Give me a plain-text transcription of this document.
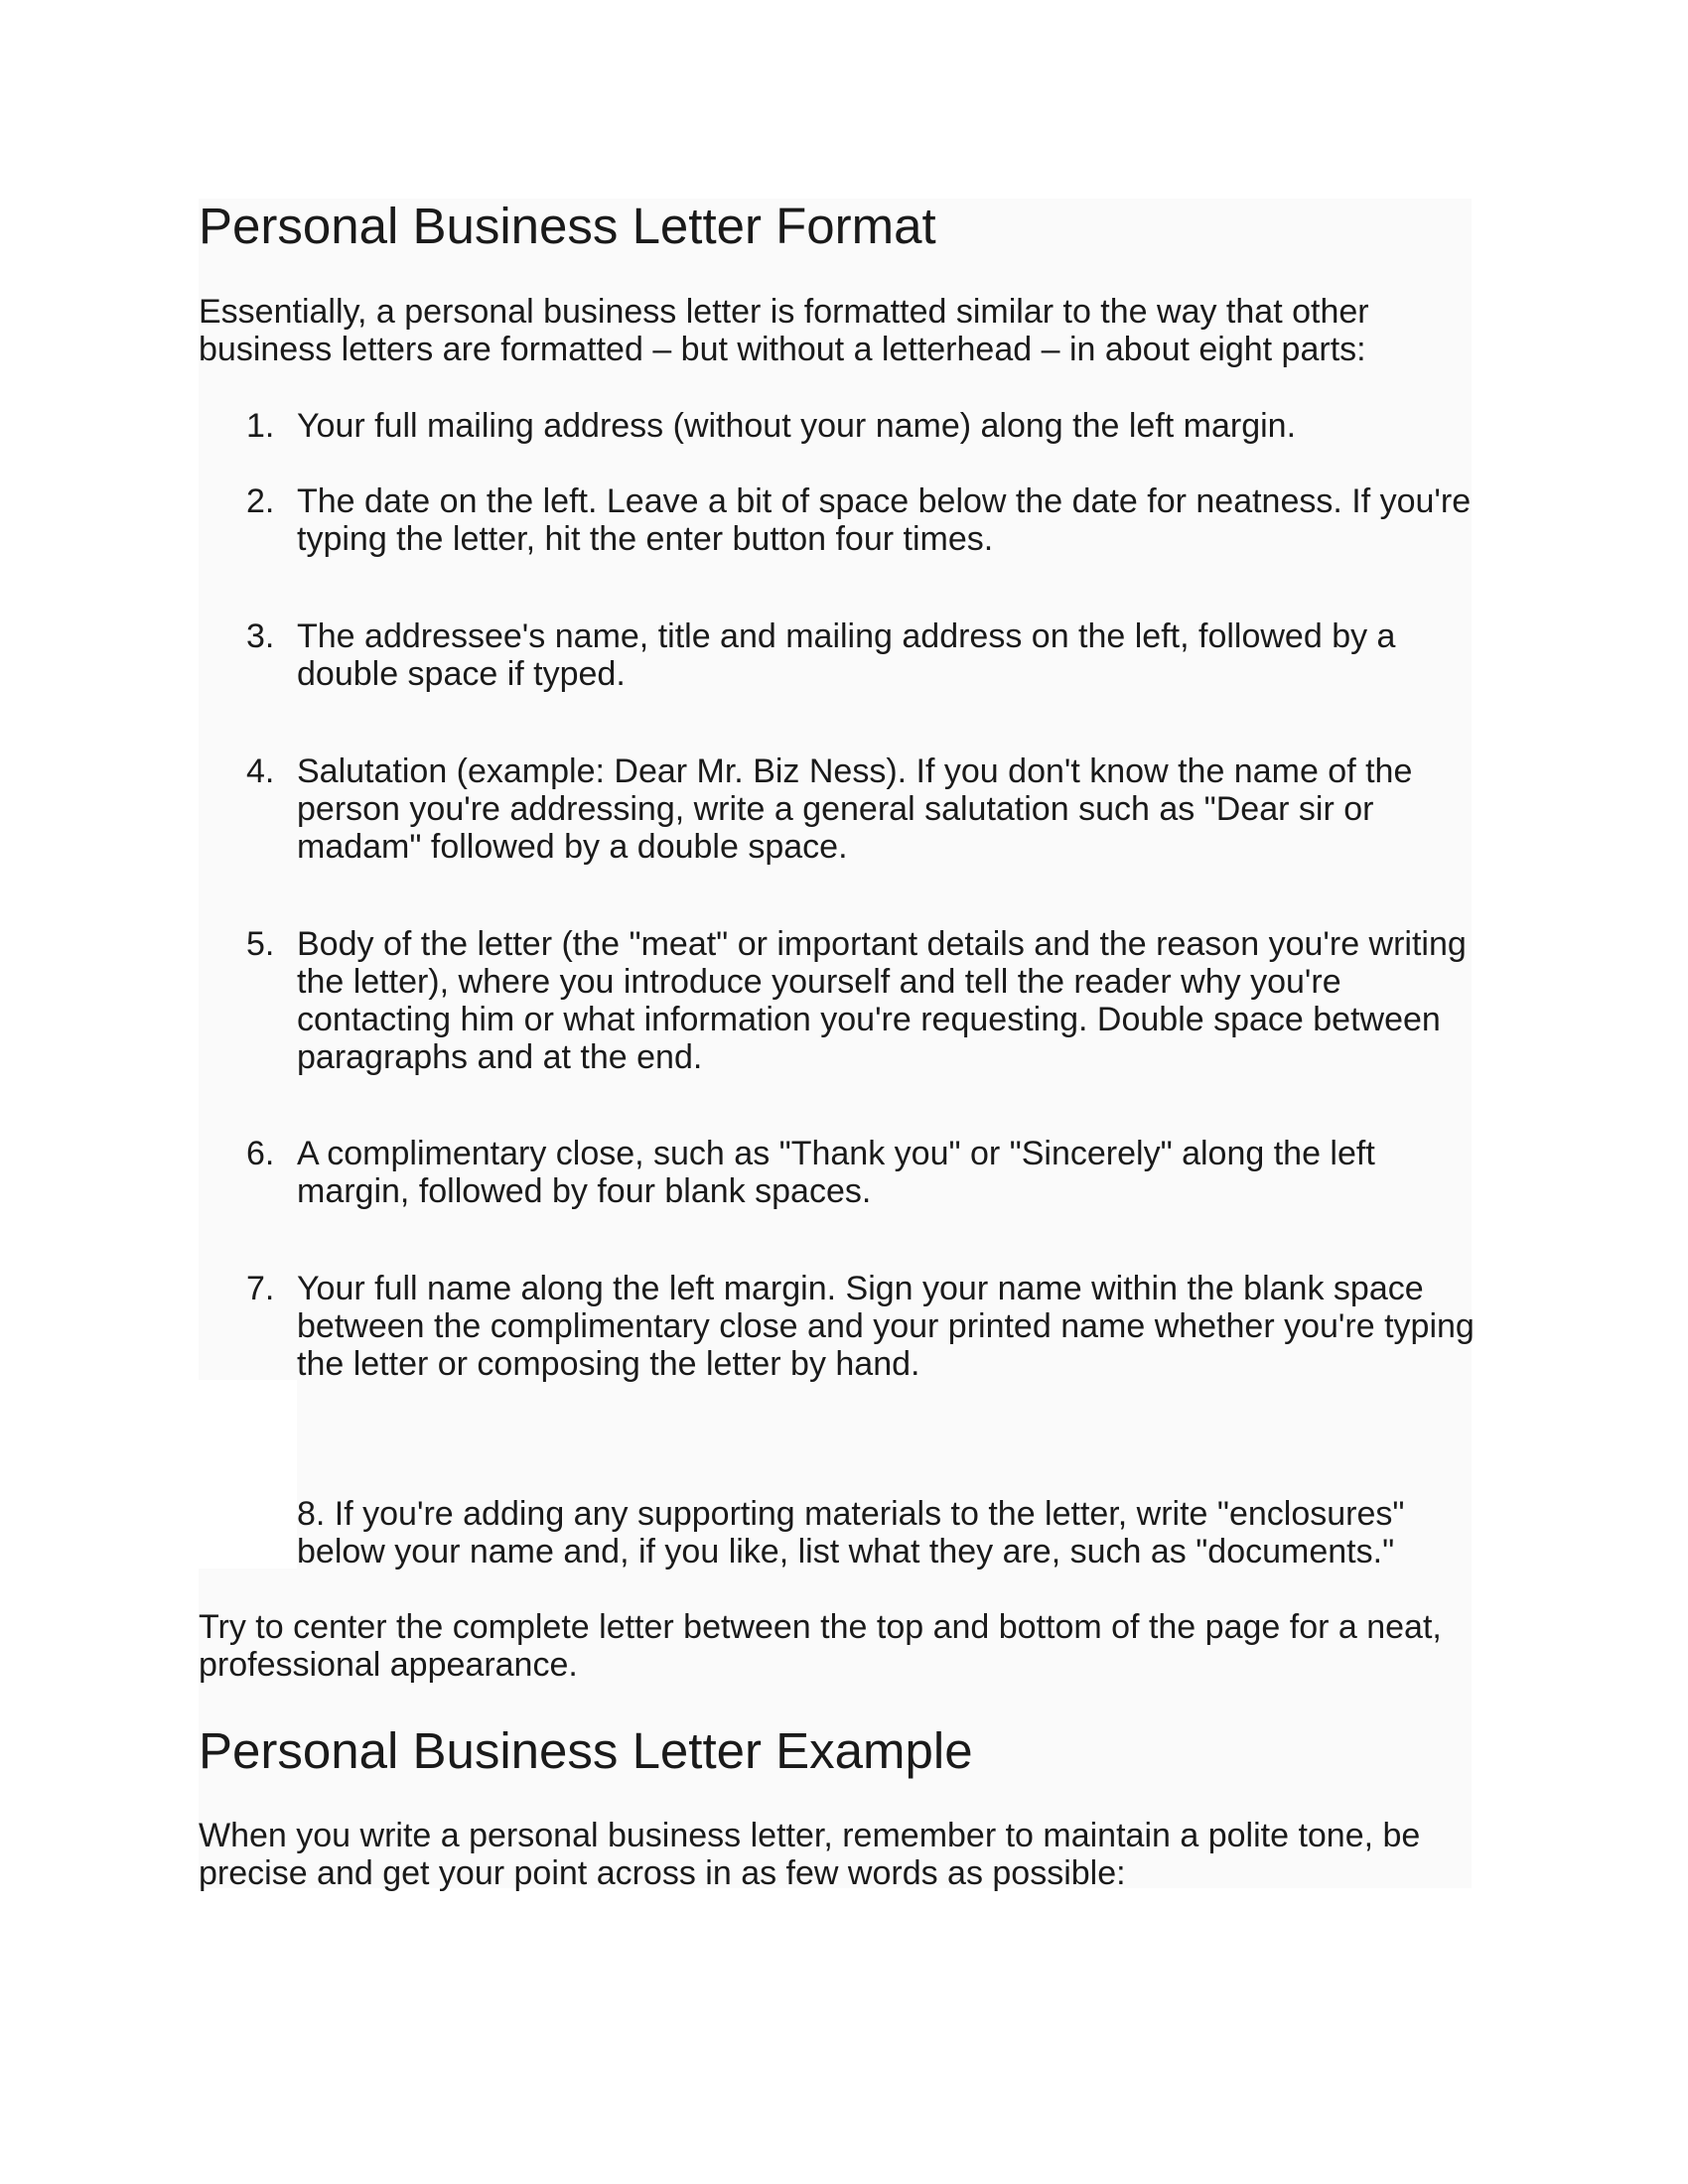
Personal Business Letter Format

Essentially, a personal business letter is formatted similar to the way that other business letters are formatted – but without a letterhead – in about eight parts:

1. Your full mailing address (without your name) along the left margin.
2. The date on the left. Leave a bit of space below the date for neatness. If you're typing the letter, hit the enter button four times.
3. The addressee's name, title and mailing address on the left, followed by a double space if typed.
4. Salutation (example: Dear Mr. Biz Ness). If you don't know the name of the person you're addressing, write a general salutation such as "Dear sir or madam" followed by a double space.
5. Body of the letter (the "meat" or important details and the reason you're writing the letter), where you introduce yourself and tell the reader why you're contacting him or what information you're requesting. Double space between paragraphs and at the end.
6. A complimentary close, such as "Thank you" or "Sincerely" along the left margin, followed by four blank spaces.
7. Your full name along the left margin. Sign your name within the blank space between the complimentary close and your printed name whether you're typing the letter or composing the letter by hand.
8. If you're adding any supporting materials to the letter, write "enclosures" below your name and, if you like, list what they are, such as "documents."

Try to center the complete letter between the top and bottom of the page for a neat, professional appearance.

Personal Business Letter Example

When you write a personal business letter, remember to maintain a polite tone, be precise and get your point across in as few words as possible:
